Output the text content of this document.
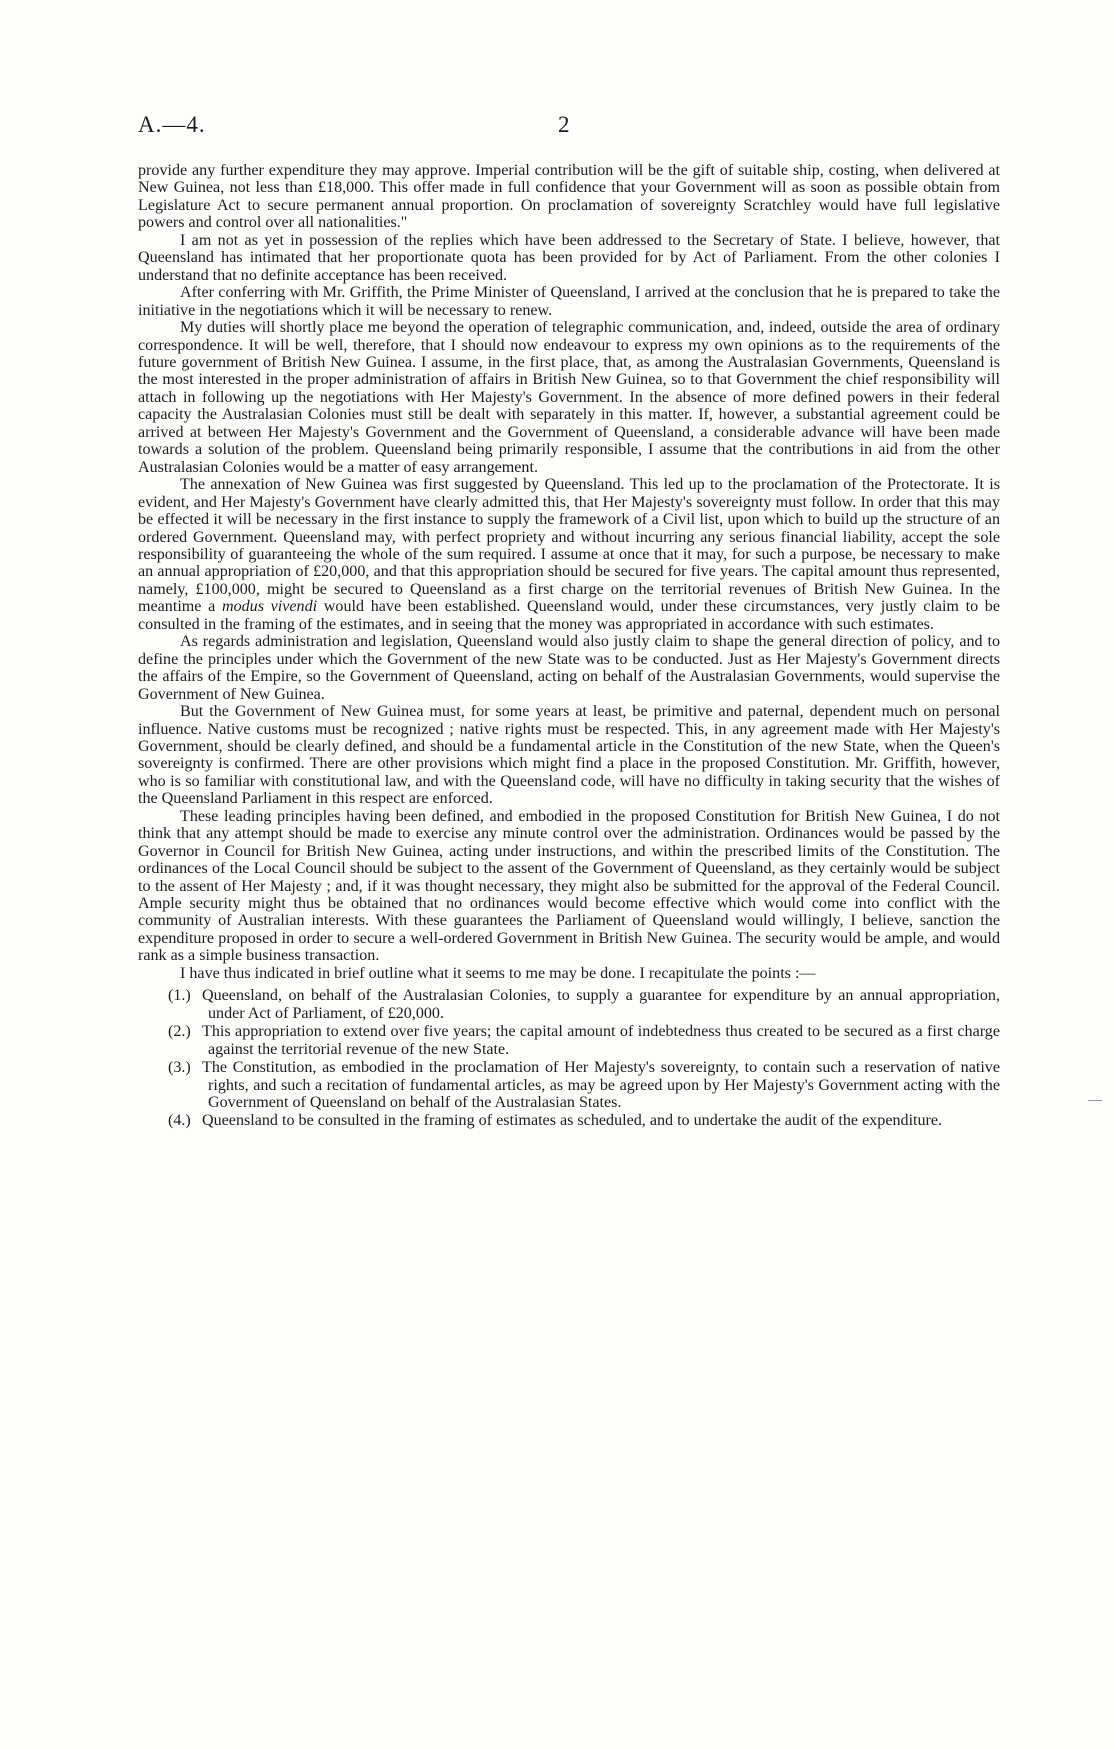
A.—4.	2

provide any further expenditure they may approve. Imperial contribution will be the gift of suitable ship, costing, when delivered at New Guinea, not less than £18,000. This offer made in full confidence that your Government will as soon as possible obtain from Legislature Act to secure permanent annual proportion. On proclamation of sovereignty Scratchley would have full legislative powers and control over all nationalities."

I am not as yet in possession of the replies which have been addressed to the Secretary of State. I believe, however, that Queensland has intimated that her proportionate quota has been provided for by Act of Parliament. From the other colonies I understand that no definite acceptance has been received.

After conferring with Mr. Griffith, the Prime Minister of Queensland, I arrived at the conclusion that he is prepared to take the initiative in the negotiations which it will be necessary to renew.

My duties will shortly place me beyond the operation of telegraphic communication, and, indeed, outside the area of ordinary correspondence. It will be well, therefore, that I should now endeavour to express my own opinions as to the requirements of the future government of British New Guinea. I assume, in the first place, that, as among the Australasian Governments, Queensland is the most interested in the proper administration of affairs in British New Guinea, so to that Government the chief responsibility will attach in following up the negotiations with Her Majesty's Government. In the absence of more defined powers in their federal capacity the Australasian Colonies must still be dealt with separately in this matter. If, however, a substantial agreement could be arrived at between Her Majesty's Government and the Government of Queensland, a considerable advance will have been made towards a solution of the problem. Queensland being primarily responsible, I assume that the contributions in aid from the other Australasian Colonies would be a matter of easy arrangement.

The annexation of New Guinea was first suggested by Queensland. This led up to the proclamation of the Protectorate. It is evident, and Her Majesty's Government have clearly admitted this, that Her Majesty's sovereignty must follow. In order that this may be effected it will be necessary in the first instance to supply the framework of a Civil list, upon which to build up the structure of an ordered Government. Queensland may, with perfect propriety and without incurring any serious financial liability, accept the sole responsibility of guaranteeing the whole of the sum required. I assume at once that it may, for such a purpose, be necessary to make an annual appropriation of £20,000, and that this appropriation should be secured for five years. The capital amount thus represented, namely, £100,000, might be secured to Queensland as a first charge on the territorial revenues of British New Guinea. In the meantime a modus vivendi would have been established. Queensland would, under these circumstances, very justly claim to be consulted in the framing of the estimates, and in seeing that the money was appropriated in accordance with such estimates.

As regards administration and legislation, Queensland would also justly claim to shape the general direction of policy, and to define the principles under which the Government of the new State was to be conducted. Just as Her Majesty's Government directs the affairs of the Empire, so the Government of Queensland, acting on behalf of the Australasian Governments, would supervise the Government of New Guinea.

But the Government of New Guinea must, for some years at least, be primitive and paternal, dependent much on personal influence. Native customs must be recognized ; native rights must be respected. This, in any agreement made with Her Majesty's Government, should be clearly defined, and should be a fundamental article in the Constitution of the new State, when the Queen's sovereignty is confirmed. There are other provisions which might find a place in the proposed Constitution. Mr. Griffith, however, who is so familiar with constitutional law, and with the Queensland code, will have no difficulty in taking security that the wishes of the Queensland Parliament in this respect are enforced.

These leading principles having been defined, and embodied in the proposed Constitution for British New Guinea, I do not think that any attempt should be made to exercise any minute control over the administration. Ordinances would be passed by the Governor in Council for British New Guinea, acting under instructions, and within the prescribed limits of the Constitution. The ordinances of the Local Council should be subject to the assent of the Government of Queensland, as they certainly would be subject to the assent of Her Majesty ; and, if it was thought necessary, they might also be submitted for the approval of the Federal Council. Ample security might thus be obtained that no ordinances would become effective which would come into conflict with the community of Australian interests. With these guarantees the Parliament of Queensland would willingly, I believe, sanction the expenditure proposed in order to secure a well-ordered Government in British New Guinea. The security would be ample, and would rank as a simple business transaction.

I have thus indicated in brief outline what it seems to me may be done. I recapitulate the points :—

(1.) Queensland, on behalf of the Australasian Colonies, to supply a guarantee for expenditure by an annual appropriation, under Act of Parliament, of £20,000.
(2.) This appropriation to extend over five years; the capital amount of indebtedness thus created to be secured as a first charge against the territorial revenue of the new State.
(3.) The Constitution, as embodied in the proclamation of Her Majesty's sovereignty, to contain such a reservation of native rights, and such a recitation of fundamental articles, as may be agreed upon by Her Majesty's Government acting with the Government of Queensland on behalf of the Australasian States.
(4.) Queensland to be consulted in the framing of estimates as scheduled, and to undertake the audit of the expenditure.
